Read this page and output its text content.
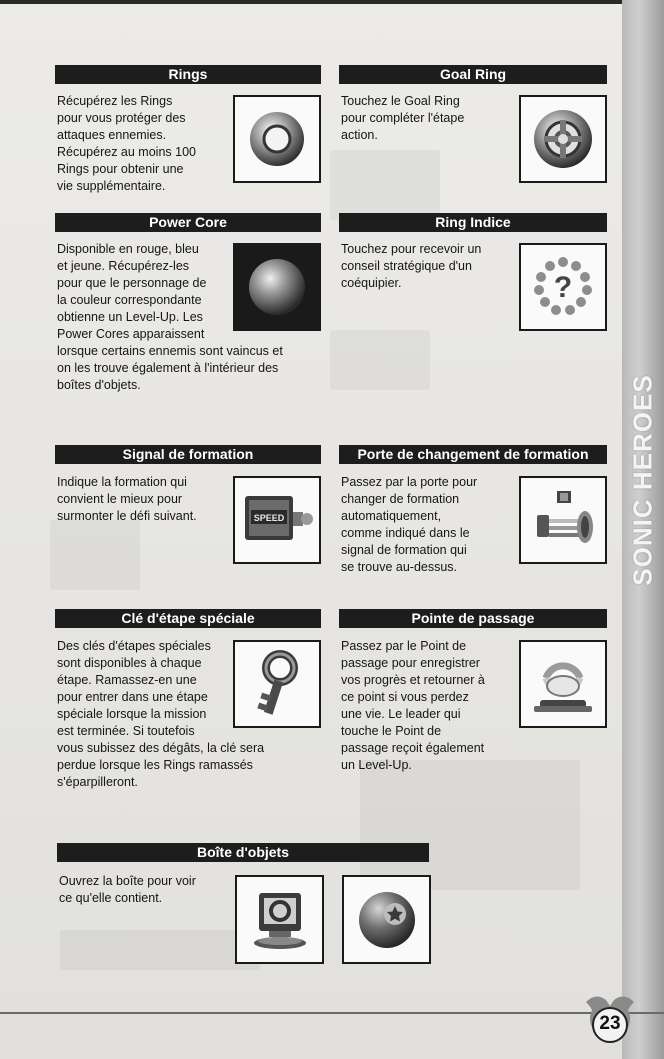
SONIC HEROES
Rings
Récupérez les Rings
pour vous protéger des
attaques ennemies.
Récupérez au moins 100
Rings pour obtenir une
vie supplémentaire.
Goal Ring
Touchez le Goal Ring
pour compléter l'étape
action.
Power Core
Disponible en rouge, bleu
et jeune. Récupérez-les
pour que le personnage de
la couleur correspondante
obtienne un Level-Up. Les
Power Cores apparaissent
lorsque certains ennemis sont vaincus et
on les trouve également à l'intérieur des
boîtes d'objets.
Ring Indice
Touchez pour recevoir un
conseil stratégique d'un
coéquipier.	?
Signal de formation
Indique la formation qui
convient le mieux pour
surmonter le défi suivant.	SPEED
Porte de changement de formation
Passez par la porte pour
changer de formation
automatiquement,
comme indiqué dans le
signal de formation qui
se trouve au-dessus.
Clé d'étape spéciale
Des clés d'étapes spéciales
sont disponibles à chaque
étape. Ramassez-en une
pour entrer dans une étape
spéciale lorsque la mission
est terminée. Si toutefois
vous subissez des dégâts, la clé sera
perdue lorsque les Rings ramassés
s'éparpilleront.
Pointe de passage
Passez par le Point de
passage pour enregistrer
vos progrès et retourner à
ce point si vous perdez
une vie. Le leader qui
touche le Point de
passage reçoit également
un Level-Up.
Boîte d'objets
Ouvrez la boîte pour voir
ce qu'elle contient.
23
